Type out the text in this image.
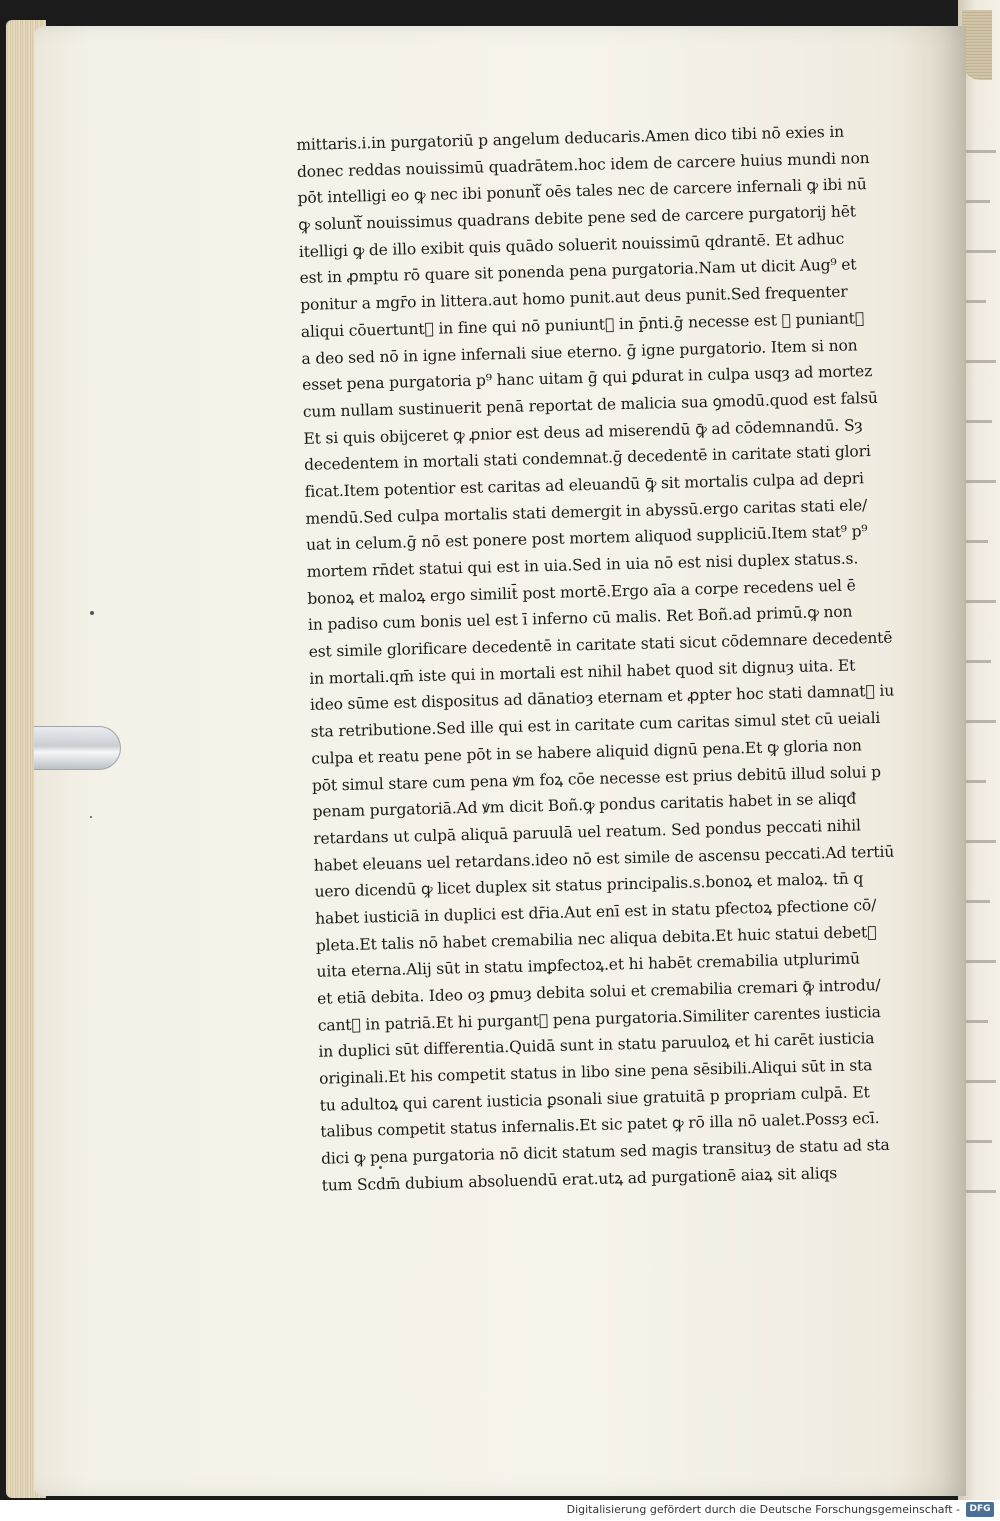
mittaris.i.in purgatoriū p angelum deducaris.Amen dico tibi nō exies in
donec reddas nouissimū quadrātem.hoc idem de carcere huius mundi non
pōt intelligi eo ꝙ nec ibi ponuntᷓ oēs tales nec de carcere infernali ꝙ ibi nū
ꝙ soluntᷓ nouissimus quadrans debite pene sed de carcere purgatorij hēt
itelligi ꝙ de illo exibit quis quādo soluerit nouissimū qdrantē. Et adhuc
est in ꝓmptu rō quare sit ponenda pena purgatoria.Nam ut dicit Aug⁹ et
ponitur a mgr̄o in littera.aut homo punit.aut deus punit.Sed frequenter
aliqui cōuertuntᷓ in fine qui nō puniuntᷓ in p̄nti.ḡ necesse est ꝙ puniantᷓ
a deo sed nō in igne infernali siue eterno. ḡ igne purgatorio. Item si non
esset pena purgatoria p⁹ hanc uitam ḡ qui ꝑdurat in culpa usqȝ ad mortez
cum nullam sustinuerit penā reportat de malicia sua ꝯmodū.quod est falsū
Et si quis obijceret ꝙ ꝓnior est deus ad miserendū ꝙ̄ ad cōdemnandū. Sȝ
decedentem in mortali stati condemnat.ḡ decedentē in caritate stati glori
ficat.Item potentior est caritas ad eleuandū ꝙ̄ sit mortalis culpa ad depri
mendū.Sed culpa mortalis stati demergit in abyssū.ergo caritas stati ele/
uat in celum.ḡ nō est ponere post mortem aliquod suppliciū.Item stat⁹ p⁹
mortem rn̄det statui qui est in uia.Sed in uia nō est nisi duplex status.s.
bonoꝝ et maloꝝ ergo similit̄ post mortē.Ergo aīa a corpe recedens uel ē
in padiso cum bonis uel est ī inferno cū malis. Ret Boñ.ad primū.ꝙ non
est simile glorificare decedentē in caritate stati sicut cōdemnare decedentē
in mortali.qm̄ iste qui in mortali est nihil habet quod sit dignuȝ uita. Et
ideo sūme est dispositus ad dānatioȝ eternam et ꝓpter hoc stati damnatᷓ iu
sta retributione.Sed ille qui est in caritate cum caritas simul stet cū ueiali
culpa et reatu pene pōt in se habere aliquid dignū pena.Et ꝙ gloria non
pōt simul stare cum pena ꝟm foꝝ cōe necesse est prius debitū illud solui p
penam purgatoriā.Ad ꝟm dicit Boñ.ꝙ pondus caritatis habet in se aliqđ
retardans ut culpā aliquā paruulā uel reatum. Sed pondus peccati nihil
habet eleuans uel retardans.ideo nō est simile de ascensu peccati.Ad tertiū
uero dicendū ꝙ licet duplex sit status principalis.s.bonoꝝ et maloꝝ. tn̄ q
habet iusticiā in duplici est dr̄ia.Aut enī est in statu pfectoꝝ pfectione cō/
pleta.Et talis nō habet cremabilia nec aliqua debita.Et huic statui debetᷓ
uita eterna.Alij sūt in statu imꝑfectoꝝ.et hi habēt cremabilia utplurimū
et etiā debita. Ideo oȝ ꝑmuȝ debita solui et cremabilia cremari ꝙ̄ introdu/
cantᷓ in patriā.Et hi purgantᷓ pena purgatoria.Similiter carentes iusticia
in duplici sūt differentia.Quidā sunt in statu paruuloꝝ et hi carēt iusticia
originali.Et his competit status in libo sine pena sēsibili.Aliqui sūt in sta
tu adultoꝝ qui carent iusticia ꝑsonali siue gratuitā p propriam culpā. Et
talibus competit status infernalis.Et sic patet ꝙ rō illa nō ualet.Possȝ ecī.
dici ꝙ pena purgatoria nō dicit statum sed magis transituȝ de statu ad sta
tum Scdm̄ dubium absoluendū erat.utꝝ ad purgationē aiaꝝ sit aliqs
Digitalisierung gefördert durch die Deutsche Forschungsgemeinschaft -	DFG
